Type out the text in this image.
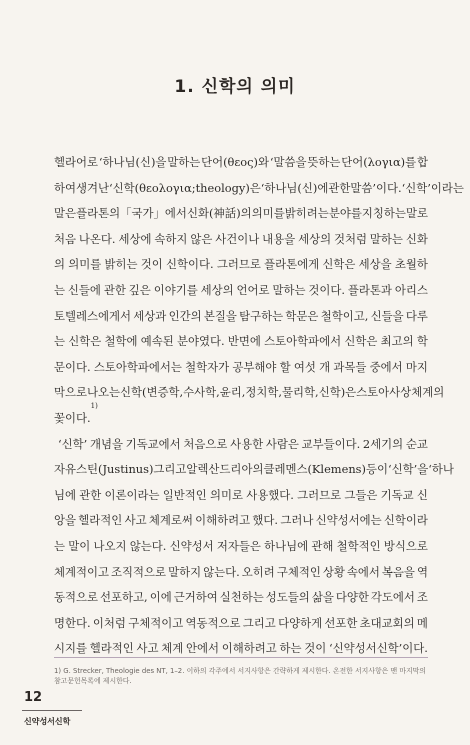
1. 신학의 의미
헬라어로 ‘하나님(신)을 말하는 단어(θεος)와 ‘말씀을 뜻하는 단어(λογια)를 합
하여 생겨난 ‘신학(θεολογια; theology)은 ‘하나님(신)에 관한 말씀’이다. ‘신학’이라는
말은 플라톤의 「국가」에서 신화(神話)의 의미를 밝히려는 분야를 지칭하는 말로
처음 나온다. 세상에 속하지 않은 사건이나 내용을 세상의 것처럼 말하는 신화
의 의미를 밝히는 것이 신학이다. 그러므로 플라톤에게 신학은 세상을 초월하
는 신들에 관한 깊은 이야기를 세상의 언어로 말하는 것이다. 플라톤과 아리스
토텔레스에게서 세상과 인간의 본질을 탐구하는 학문은 철학이고, 신들을 다루
는 신학은 철학에 예속된 분야였다. 반면에 스토아학파에서 신학은 최고의 학
문이다. 스토아학파에서는 철학자가 공부해야 할 여섯 개 과목들 중에서 마지
막으로 나오는 신학(변증학, 수사학, 윤리, 정치학, 물리학, 신학)은 스토아 사상 체계의
꽃이다.
1)
‘신학’ 개념을 기독교에서 처음으로 사용한 사람은 교부들이다. 2세기의 순교
자 유스틴(Justinus) 그리고 알렉산드리아의 클레멘스(Klemens) 등이 ‘신학’을 ‘하나
님에 관한 이론이라는 일반적인 의미로 사용했다. 그러므로 그들은 기독교 신
앙을 헬라적인 사고 체계로써 이해하려고 했다. 그러나 신약성서에는 신학이라
는 말이 나오지 않는다. 신약성서 저자들은 하나님에 관해 철학적인 방식으로
체계적이고 조직적으로 말하지 않는다. 오히려 구체적인 상황 속에서 복음을 역
동적으로 선포하고, 이에 근거하여 실천하는 성도들의 삶을 다양한 각도에서 조
명한다. 이처럼 구체적이고 역동적으로 그리고 다양하게 선포한 초대교회의 메
시지를 헬라적인 사고 체계 안에서 이해하려고 하는 것이 ‘신약성서신학’이다.
1) G. Strecker, Theologie des NT, 1–2. 이하의 각주에서 서지사항은 간략하게 제시한다. 온전한 서지사항은 맨 마지막의
참고문헌목록에 제시한다.
12
신약성서신학
